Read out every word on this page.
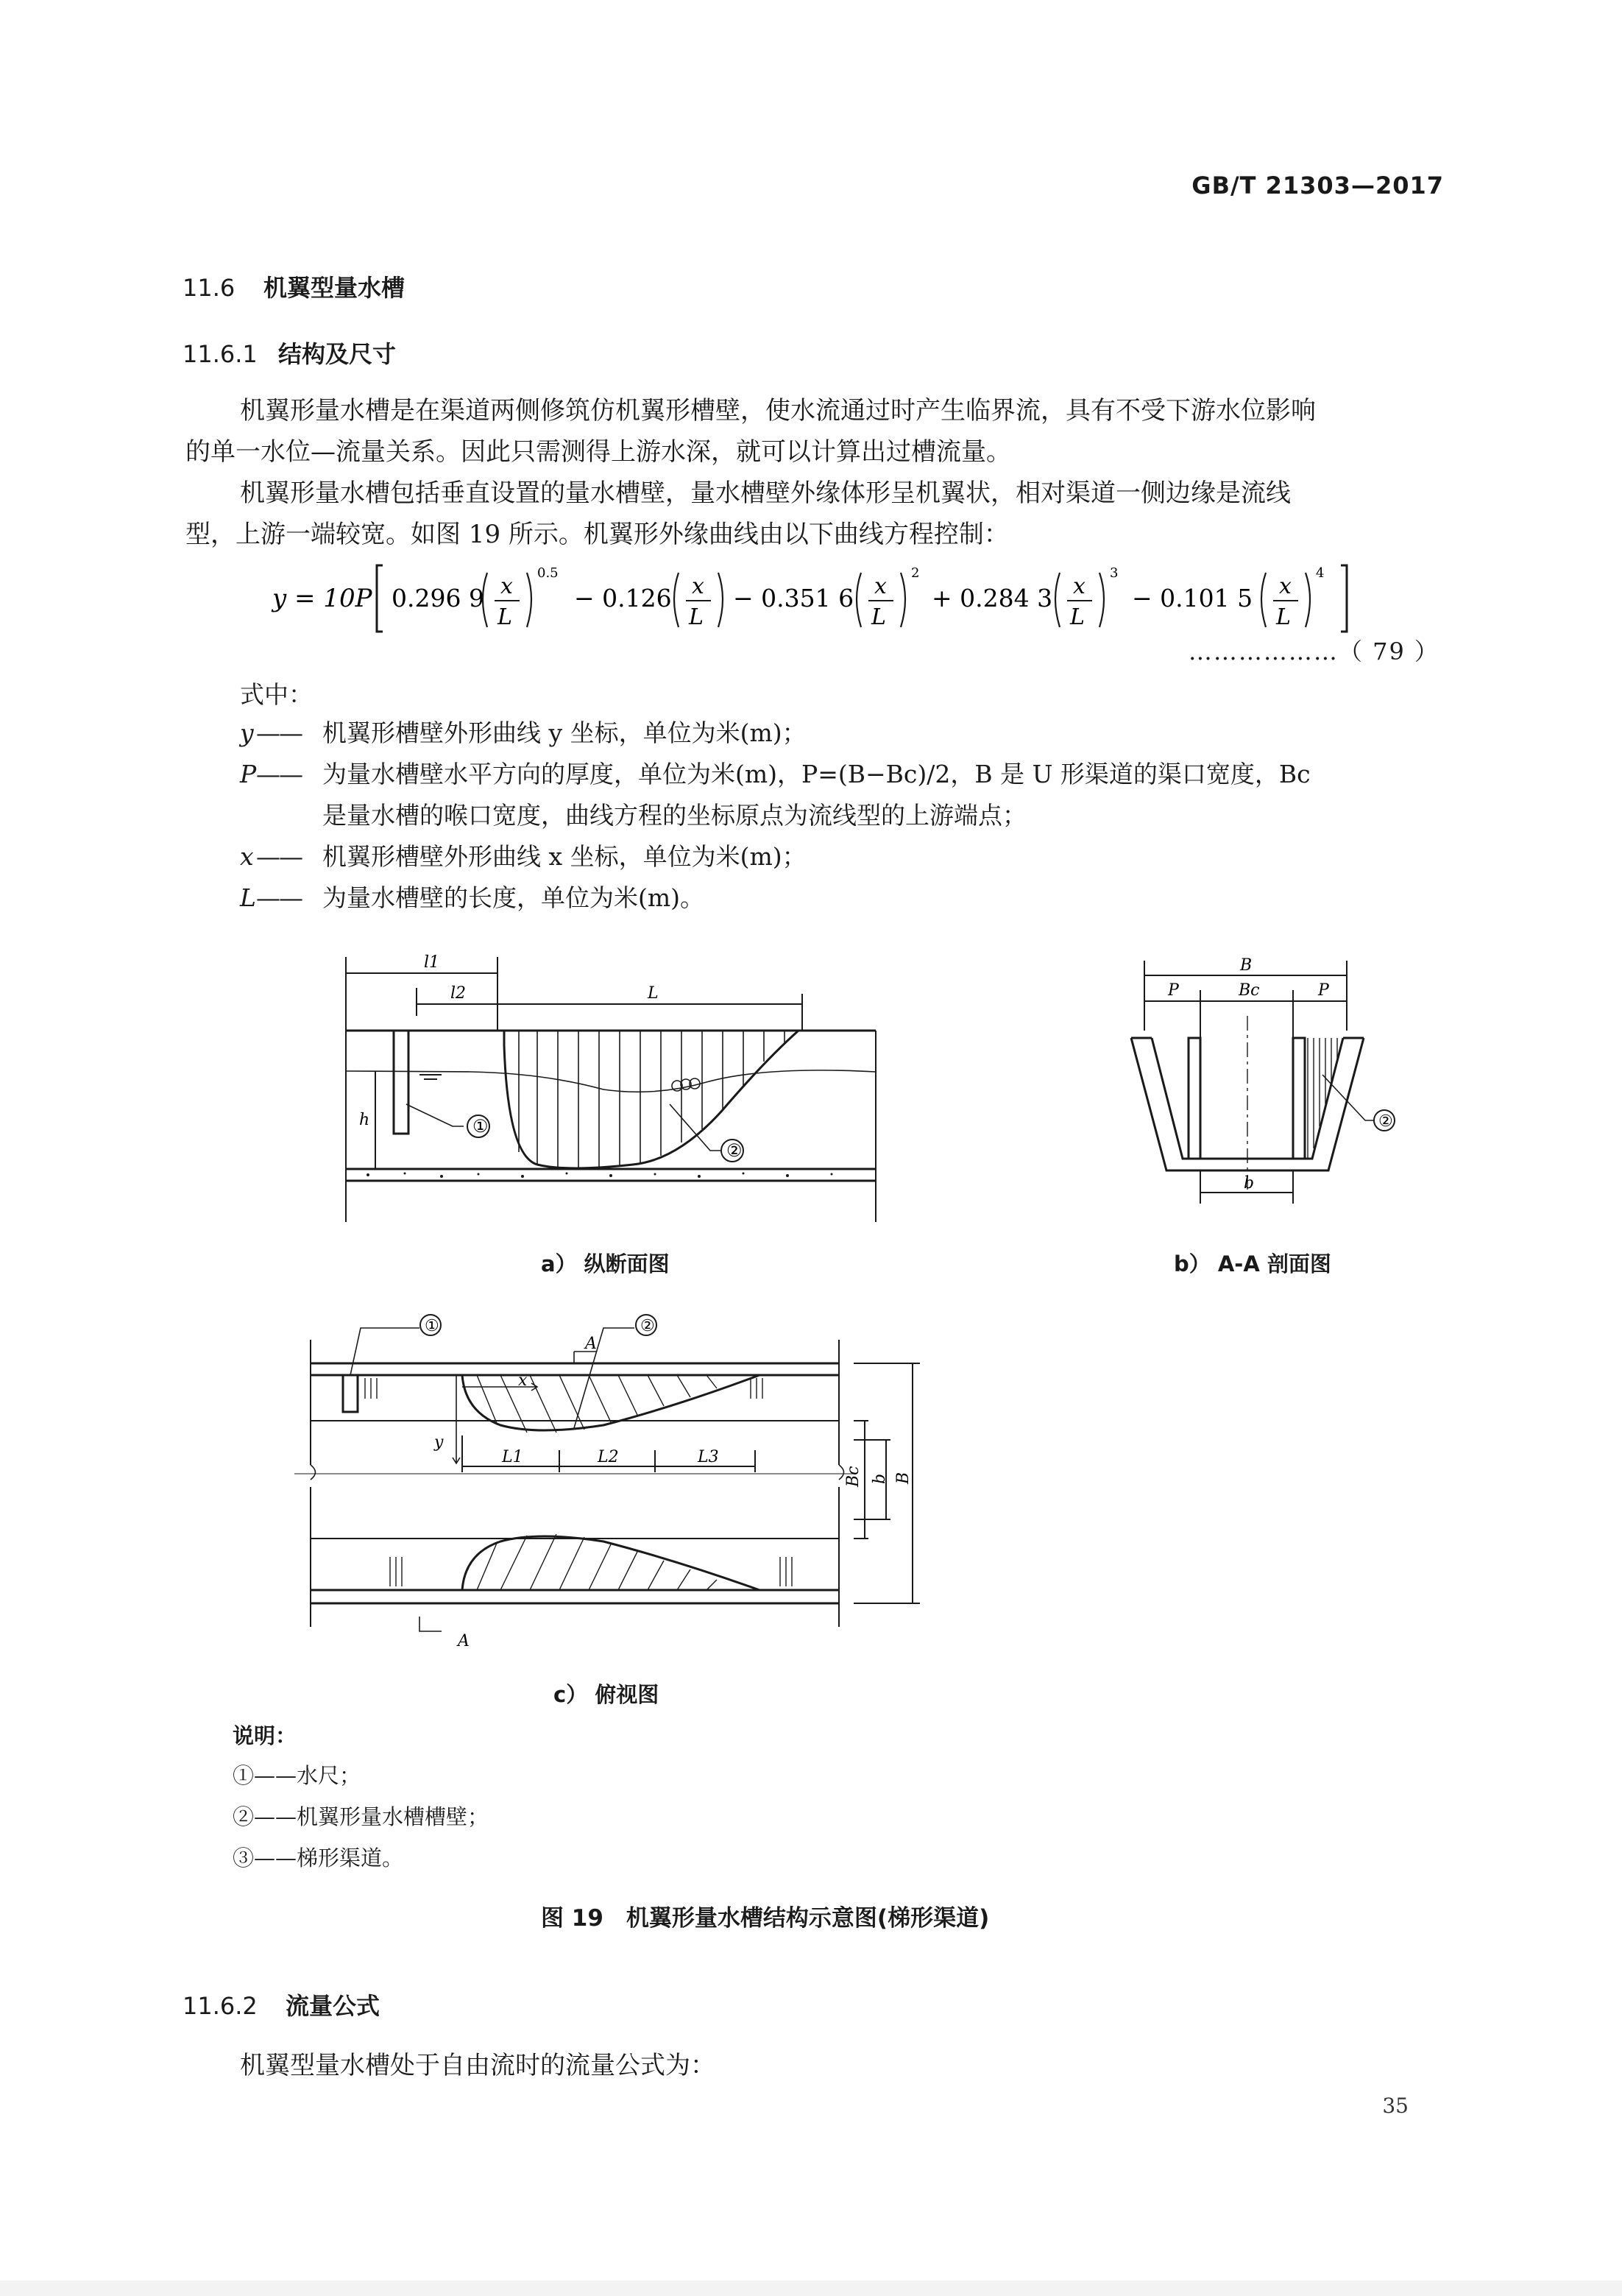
GB/T 21303—2017
11.6 机翼型量水槽
11.6.1 结构及尺寸
机翼形量水槽是在渠道两侧修筑仿机翼形槽壁，使水流通过时产生临界流，具有不受下游水位影响
的单一水位—流量关系。因此只需测得上游水深，就可以计算出过槽流量。
机翼形量水槽包括垂直设置的量水槽壁，量水槽壁外缘体形呈机翼状，相对渠道一侧边缘是流线
型，上游一端较宽。如图 19 所示。机翼形外缘曲线由以下曲线方程控制：
y = 10P 0.296 9 x
L
0.5
− 0.126 x
L
− 0.351 6 x
L
2
+ 0.284 3 x
L
3
− 0.101 5 x
L
4
………………（ 79 ）
式中：
y —— 机翼形槽壁外形曲线 y 坐标，单位为米(m)；
P—— 为量水槽壁水平方向的厚度，单位为米(m)，P=(B−Bc)/2，B 是 U 形渠道的渠口宽度，Bc
是量水槽的喉口宽度，曲线方程的坐标原点为流线型的上游端点；
x —— 机翼形槽壁外形曲线 x 坐标，单位为米(m)；
L—— 为量水槽壁的长度，单位为米(m)。
①
②
l1
l2	L
h
a） 纵断面图
②
B
P	Bc	P
b
b） A-A 剖面图
①	②
A
A
x
y
L1	L2	L3
Bc b B
c） 俯视图
说明：
①——水尺；
②——机翼形量水槽槽壁；
③——梯形渠道。
图 19　机翼形量水槽结构示意图(梯形渠道)
11.6.2 流量公式
机翼型量水槽处于自由流时的流量公式为：
35
